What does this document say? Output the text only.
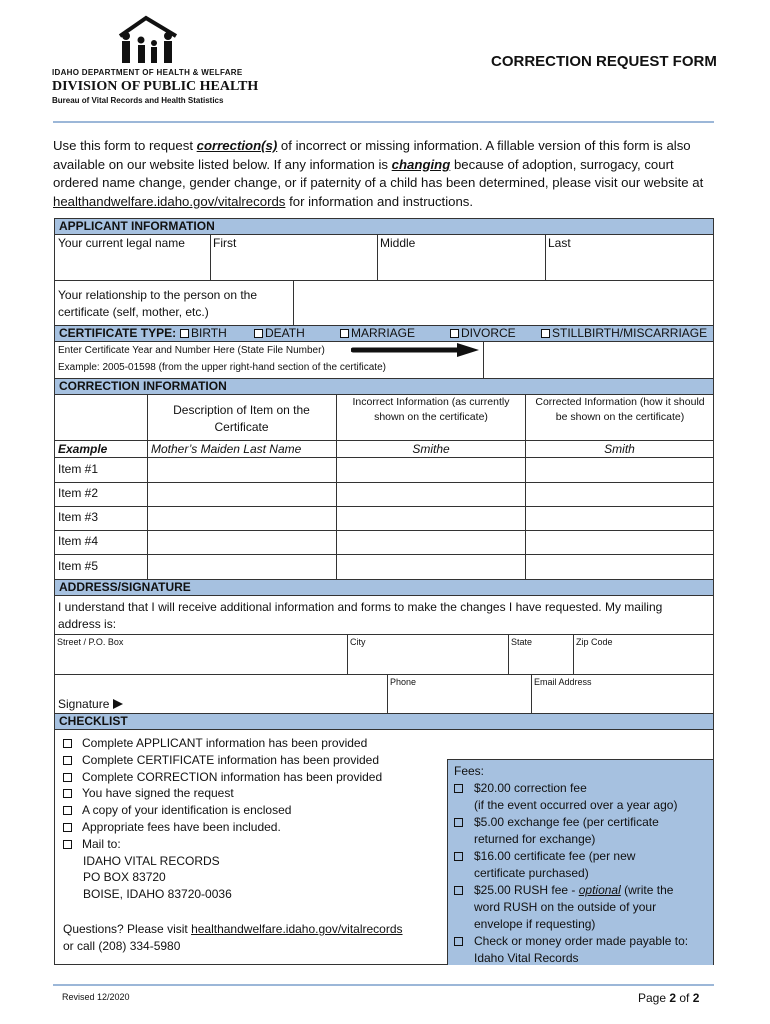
IDAHO DEPARTMENT OF HEALTH & WELFARE
DIVISION OF PUBLIC HEALTH
Bureau of Vital Records and Health Statistics
CORRECTION REQUEST FORM
Use this form to request correction(s) of incorrect or missing information. A fillable version of this form is also available on our website listed below. If any information is changing because of adoption, surrogacy, court ordered name change, gender change, or if paternity of a child has been determined, please visit our website at healthandwelfare.idaho.gov/vitalrecords for information and instructions.
APPLICANT INFORMATION
Your current legal name First	Middle	Last
Your relationship to the person on the
certificate (self, mother, etc.)
CERTIFICATE TYPE:	BIRTH	DEATH	MARRIAGE	DIVORCE	STILLBIRTH/MISCARRIAGE
Enter Certificate Year and Number Here (State File Number)
Example: 2005-01598 (from the upper right-hand section of the certificate)
CORRECTION INFORMATION
Description of Item on the Certificate
Incorrect Information (as currently shown on the certificate)
Corrected Information (how it should be shown on the certificate)
Example	Mother’s Maiden Last Name	Smithe	Smith
Item #1
Item #2
Item #3
Item #4
Item #5
ADDRESS/SIGNATURE
I understand that I will receive additional information and forms to make the changes I have requested. My mailing address is:
Street / P.O. Box	City	State	Zip Code
Phone	Email Address
Signature
CHECKLIST
Complete APPLICANT information has been provided
Complete CERTIFICATE information has been provided
Complete CORRECTION information has been provided
You have signed the request
A copy of your identification is enclosed
Appropriate fees have been included.
Mail to:
IDAHO VITAL RECORDS
PO BOX 83720
BOISE, IDAHO 83720-0036
Questions? Please visit healthandwelfare.idaho.gov/vitalrecords
or call (208) 334-5980
Fees:
$20.00 correction fee
(if the event occurred over a year ago)
$5.00 exchange fee (per certificate
returned for exchange)
$16.00 certificate fee (per new
certificate purchased)
$25.00 RUSH fee - optional (write the
word RUSH on the outside of your
envelope if requesting)
Check or money order made payable to:
Idaho Vital Records
Revised 12/2020	Page 2 of 2
